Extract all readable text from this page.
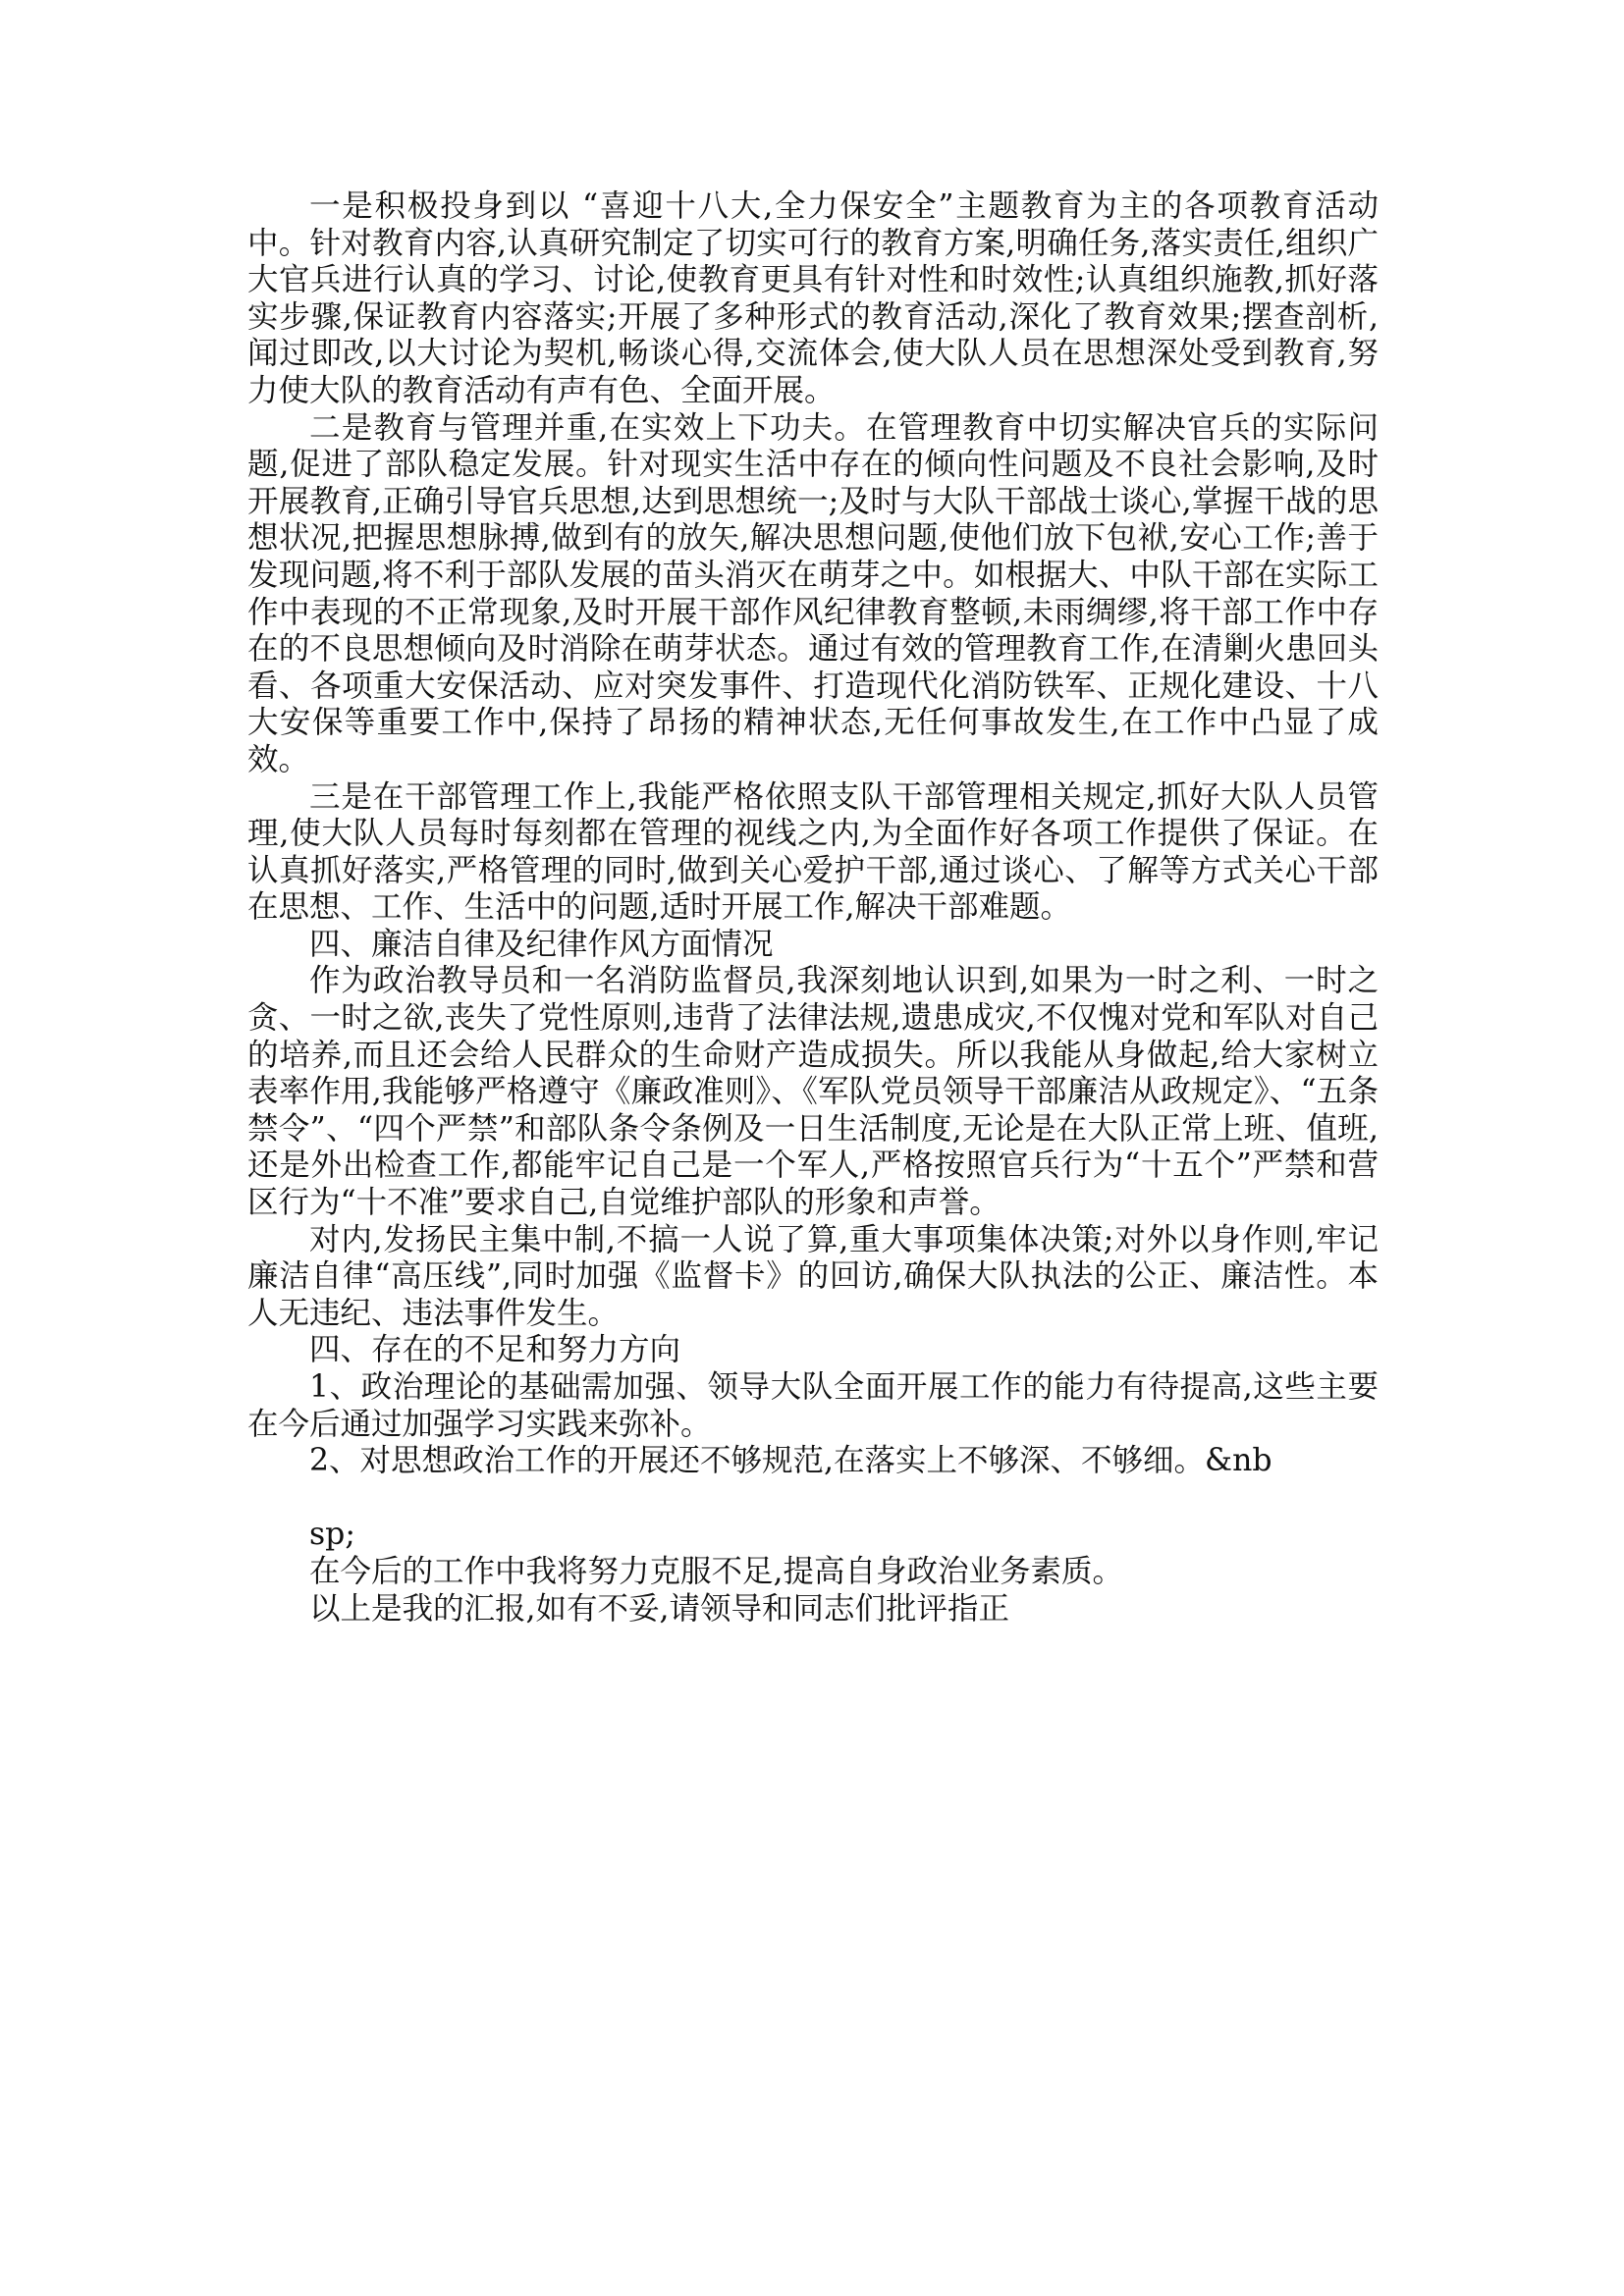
一是积极投身到以 “喜迎十八大,全力保安全”主题教育为主的各项教育活动中。针对教育内容,认真研究制定了切实可行的教育方案,明确任务,落实责任,组织广大官兵进行认真的学习、讨论,使教育更具有针对性和时效性;认真组织施教,抓好落实步骤,保证教育内容落实;开展了多种形式的教育活动,深化了教育效果;摆查剖析,闻过即改,以大讨论为契机,畅谈心得,交流体会,使大队人员在思想深处受到教育,努力使大队的教育活动有声有色、全面开展。

二是教育与管理并重,在实效上下功夫。在管理教育中切实解决官兵的实际问题,促进了部队稳定发展。针对现实生活中存在的倾向性问题及不良社会影响,及时开展教育,正确引导官兵思想,达到思想统一;及时与大队干部战士谈心,掌握干战的思想状况,把握思想脉搏,做到有的放矢,解决思想问题,使他们放下包袱,安心工作;善于发现问题,将不利于部队发展的苗头消灭在萌芽之中。如根据大、中队干部在实际工作中表现的不正常现象,及时开展干部作风纪律教育整顿,未雨绸缪,将干部工作中存在的不良思想倾向及时消除在萌芽状态。通过有效的管理教育工作,在清剿火患回头看、各项重大安保活动、应对突发事件、打造现代化消防铁军、正规化建设、十八大安保等重要工作中,保持了昂扬的精神状态,无任何事故发生,在工作中凸显了成效。

三是在干部管理工作上,我能严格依照支队干部管理相关规定,抓好大队人员管理,使大队人员每时每刻都在管理的视线之内,为全面作好各项工作提供了保证。在认真抓好落实,严格管理的同时,做到关心爱护干部,通过谈心、了解等方式关心干部在思想、工作、生活中的问题,适时开展工作,解决干部难题。

四、廉洁自律及纪律作风方面情况

作为政治教导员和一名消防监督员,我深刻地认识到,如果为一时之利、一时之贪、一时之欲,丧失了党性原则,违背了法律法规,遗患成灾,不仅愧对党和军队对自己的培养,而且还会给人民群众的生命财产造成损失。所以我能从身做起,给大家树立表率作用,我能够严格遵守《廉政准则》、《军队党员领导干部廉洁从政规定》、“五条禁令”、“四个严禁”和部队条令条例及一日生活制度,无论是在大队正常上班、值班,还是外出检查工作,都能牢记自己是一个军人,严格按照官兵行为“十五个”严禁和营区行为“十不准”要求自己,自觉维护部队的形象和声誉。

对内,发扬民主集中制,不搞一人说了算,重大事项集体决策;对外以身作则,牢记廉洁自律“高压线”,同时加强《监督卡》的回访,确保大队执法的公正、廉洁性。本人无违纪、违法事件发生。

四、存在的不足和努力方向

1、政治理论的基础需加强、领导大队全面开展工作的能力有待提高,这些主要在今后通过加强学习实践来弥补。

2、对思想政治工作的开展还不够规范,在落实上不够深、不够细。&nb

sp;

在今后的工作中我将努力克服不足,提高自身政治业务素质。

以上是我的汇报,如有不妥,请领导和同志们批评指正
